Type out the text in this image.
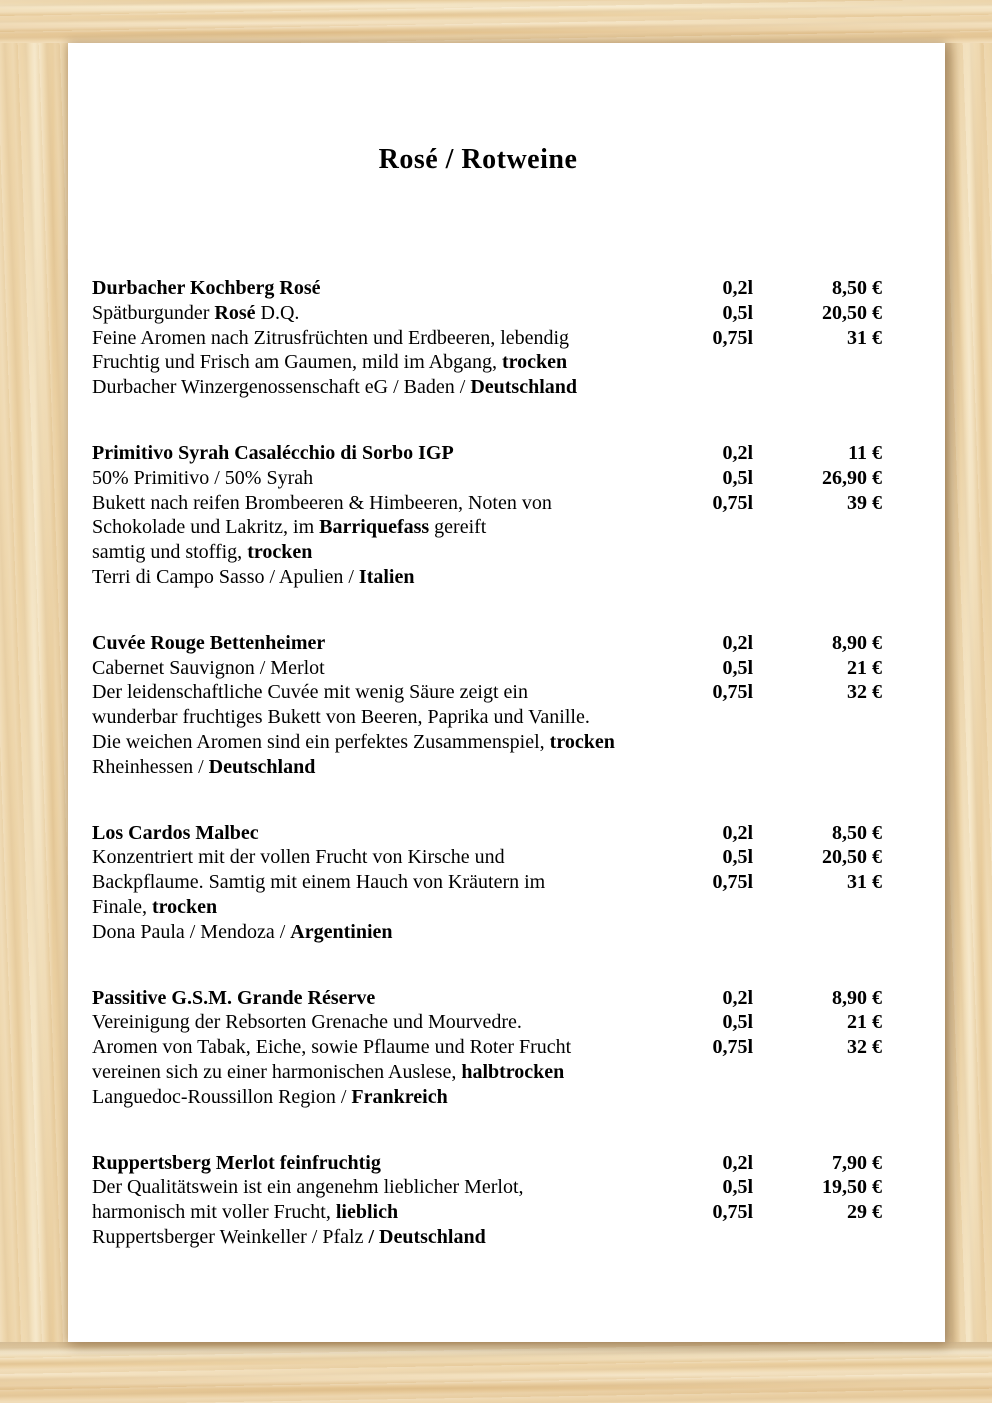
Rosé / Rotweine
Durbacher Kochberg Rosé
Spätburgunder Rosé D.Q.
Feine Aromen nach Zitrusfrüchten und Erdbeeren, lebendig
Fruchtig und Frisch am Gaumen, mild im Abgang, trocken
Durbacher Winzergenossenschaft eG / Baden / Deutschland
0,2l	8,50 €
0,5l	20,50 €
0,75l	31 €
Primitivo Syrah Casalécchio di Sorbo IGP
50% Primitivo / 50% Syrah
Bukett nach reifen Brombeeren & Himbeeren, Noten von
Schokolade und Lakritz, im Barriquefass gereift
samtig und stoffig, trocken
Terri di Campo Sasso / Apulien / Italien
0,2l	11 €
0,5l	26,90 €
0,75l	39 €
Cuvée Rouge Bettenheimer
Cabernet Sauvignon / Merlot
Der leidenschaftliche Cuvée mit wenig Säure zeigt ein
wunderbar fruchtiges Bukett von Beeren, Paprika und Vanille.
Die weichen Aromen sind ein perfektes Zusammenspiel, trocken
Rheinhessen / Deutschland
0,2l	8,90 €
0,5l	21 €
0,75l	32 €
Los Cardos Malbec
Konzentriert mit der vollen Frucht von Kirsche und
Backpflaume. Samtig mit einem Hauch von Kräutern im
Finale, trocken
Dona Paula / Mendoza / Argentinien
0,2l	8,50 €
0,5l	20,50 €
0,75l	31 €
Passitive G.S.M. Grande Réserve
Vereinigung der Rebsorten Grenache und Mourvedre.
Aromen von Tabak, Eiche, sowie Pflaume und Roter Frucht
vereinen sich zu einer harmonischen Auslese, halbtrocken
Languedoc-Roussillon Region / Frankreich
0,2l	8,90 €
0,5l	21 €
0,75l	32 €
Ruppertsberg Merlot feinfruchtig
Der Qualitätswein ist ein angenehm lieblicher Merlot,
harmonisch mit voller Frucht, lieblich
Ruppertsberger Weinkeller / Pfalz / Deutschland
0,2l	7,90 €
0,5l	19,50 €
0,75l	29 €
